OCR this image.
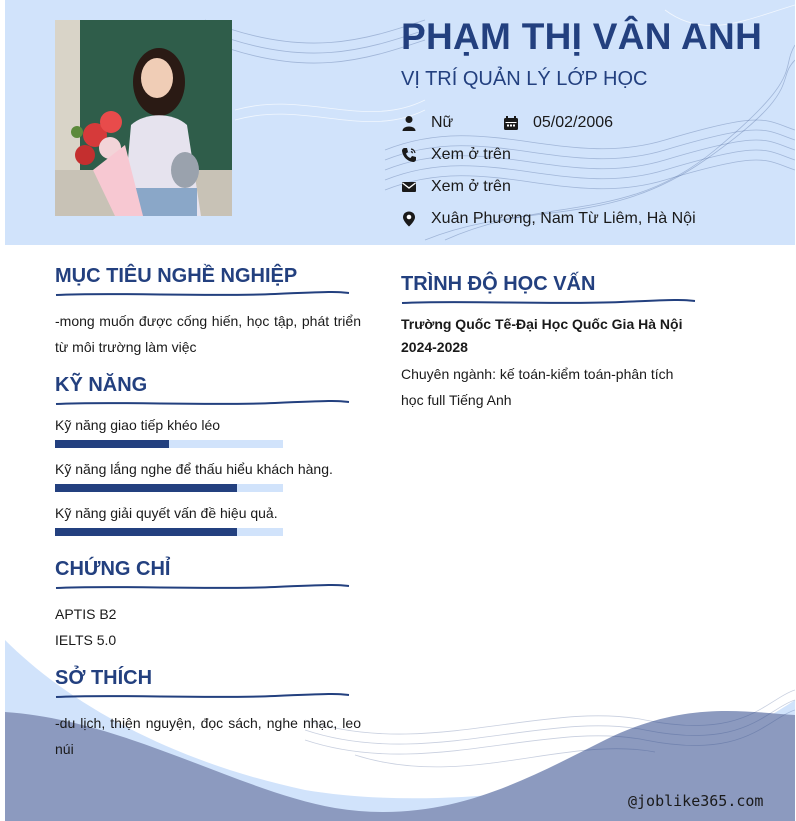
PHẠM THỊ VÂN ANH
VỊ TRÍ QUẢN LÝ LỚP HỌC
Nữ	05/02/2006
Xem ở trên
Xem ở trên
Xuân Phương, Nam Từ Liêm, Hà Nội
MỤC TIÊU NGHỀ NGHIỆP
-mong muốn được cống hiến, học tập, phát triển từ môi trường làm việc
KỸ NĂNG
Kỹ năng giao tiếp khéo léo
Kỹ năng lắng nghe để thấu hiểu khách hàng.
Kỹ năng giải quyết vấn đề hiệu quả.
CHỨNG CHỈ
APTIS B2
IELTS 5.0
SỞ THÍCH
-du lịch, thiện nguyện, đọc sách, nghe nhạc, leo núi
TRÌNH ĐỘ HỌC VẤN
Trường Quốc Tế-Đại Học Quốc Gia Hà Nội
2024-2028
Chuyên ngành: kế toán-kiểm toán-phân tích
học full Tiếng Anh
@joblike365.com
